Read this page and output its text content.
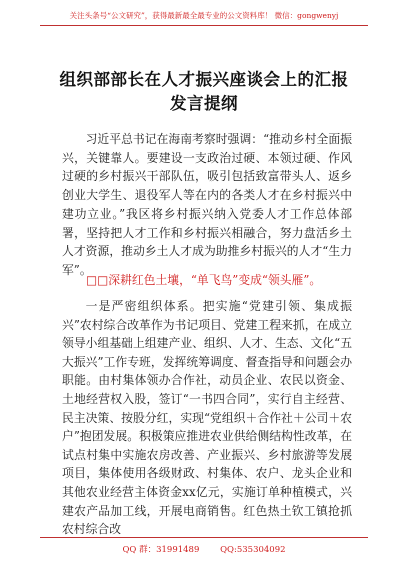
关注头条号“公文研究”，获得最新最全最专业的公文资料库！ 微信：gongwenyj
组织部部长在人才振兴座谈会上的汇报发言提纲

习近平总书记在海南考察时强调：“推动乡村全面振兴，关键靠人。要建设一支政治过硬、本领过硬、作风过硬的乡村振兴干部队伍，吸引包括致富带头人、返乡创业大学生、退役军人等在内的各类人才在乡村振兴中建功立业。”我区将乡村振兴纳入党委人才工作总体部署，坚持把人才工作和乡村振兴相融合，努力盘活乡土人才资源，推动乡土人才成为助推乡村振兴的人才“生力军”。

□□深耕红色土壤，“单飞鸟”变成“领头雁”。

一是严密组织体系。把实施“党建引领、集成振兴”农村综合改革作为书记项目、党建工程来抓，在成立领导小组基础上组建产业、组织、人才、生态、文化“五大振兴”工作专班，发挥统筹调度、督查指导和问题会办职能。由村集体领办合作社，动员企业、农民以资金、土地经营权入股，签订“一书四合同”，实行自主经营、民主决策、按股分红，实现“党组织＋合作社＋公司＋农户”抱团发展。积极策应推进农业供给侧结构性改革，在试点村集中实施农房改善、产业振兴、乡村旅游等发展项目，集体使用各级财政、村集体、农户、龙头企业和其他农业经营主体资金xx亿元，实施订单种植模式，兴建农产品加工线，开展电商销售。红色热土钦工镇抢抓农村综合改

QQ 群：31991489 QQ:535304092
